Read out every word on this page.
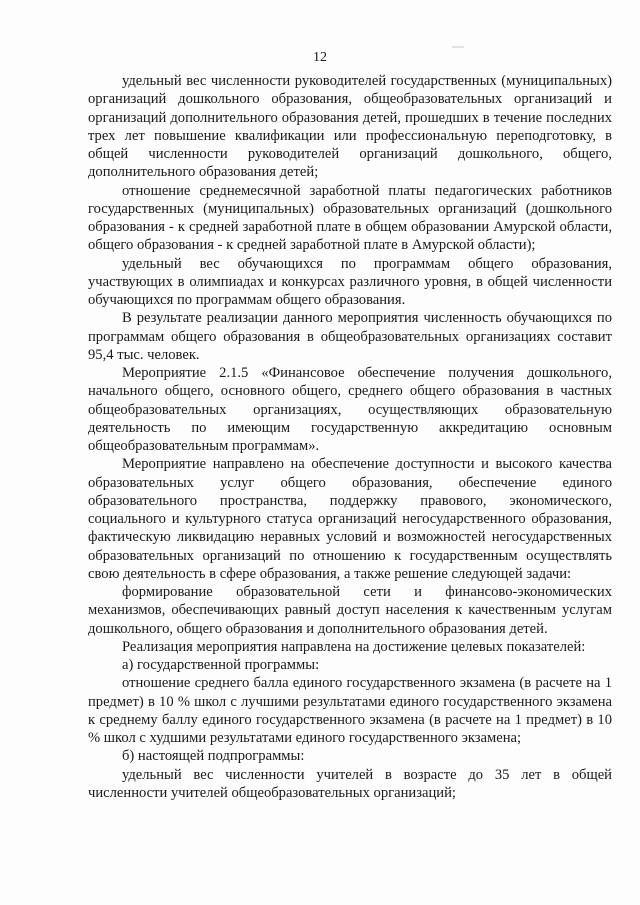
12

удельный вес численности руководителей государственных (муниципальных) организаций дошкольного образования, общеобразовательных организаций и организаций дополнительного образования детей, прошедших в течение последних трех лет повышение квалификации или профессиональную переподготовку, в общей численности руководителей организаций дошкольного, общего, дополнительного образования детей;

отношение среднемесячной заработной платы педагогических работников государственных (муниципальных) образовательных организаций (дошкольного образования - к средней заработной плате в общем образовании Амурской области, общего образования - к средней заработной плате в Амурской области);

удельный вес обучающихся по программам общего образования, участвующих в олимпиадах и конкурсах различного уровня, в общей численности обучающихся по программам общего образования.

В результате реализации данного мероприятия численность обучающихся по программам общего образования в общеобразовательных организациях составит 95,4 тыс. человек.

Мероприятие 2.1.5 «Финансовое обеспечение получения дошкольного, начального общего, основного общего, среднего общего образования в частных общеобразовательных организациях, осуществляющих образовательную деятельность по имеющим государственную аккредитацию основным общеобразовательным программам».

Мероприятие направлено на обеспечение доступности и высокого качества образовательных услуг общего образования, обеспечение единого образовательного пространства, поддержку правового, экономического, социального и культурного статуса организаций негосударственного образования, фактическую ликвидацию неравных условий и возможностей негосударственных образовательных организаций по отношению к государственным осуществлять свою деятельность в сфере образования, а также решение следующей задачи:

формирование образовательной сети и финансово-экономических механизмов, обеспечивающих равный доступ населения к качественным услугам дошкольного, общего образования и дополнительного образования детей.

Реализация мероприятия направлена на достижение целевых показателей:

а) государственной программы:

отношение среднего балла единого государственного экзамена (в расчете на 1 предмет) в 10 % школ с лучшими результатами единого государственного экзамена к среднему баллу единого государственного экзамена (в расчете на 1 предмет) в 10 % школ с худшими результатами единого государственного экзамена;

б) настоящей подпрограммы:

удельный вес численности учителей в возрасте до 35 лет в общей численности учителей общеобразовательных организаций;
